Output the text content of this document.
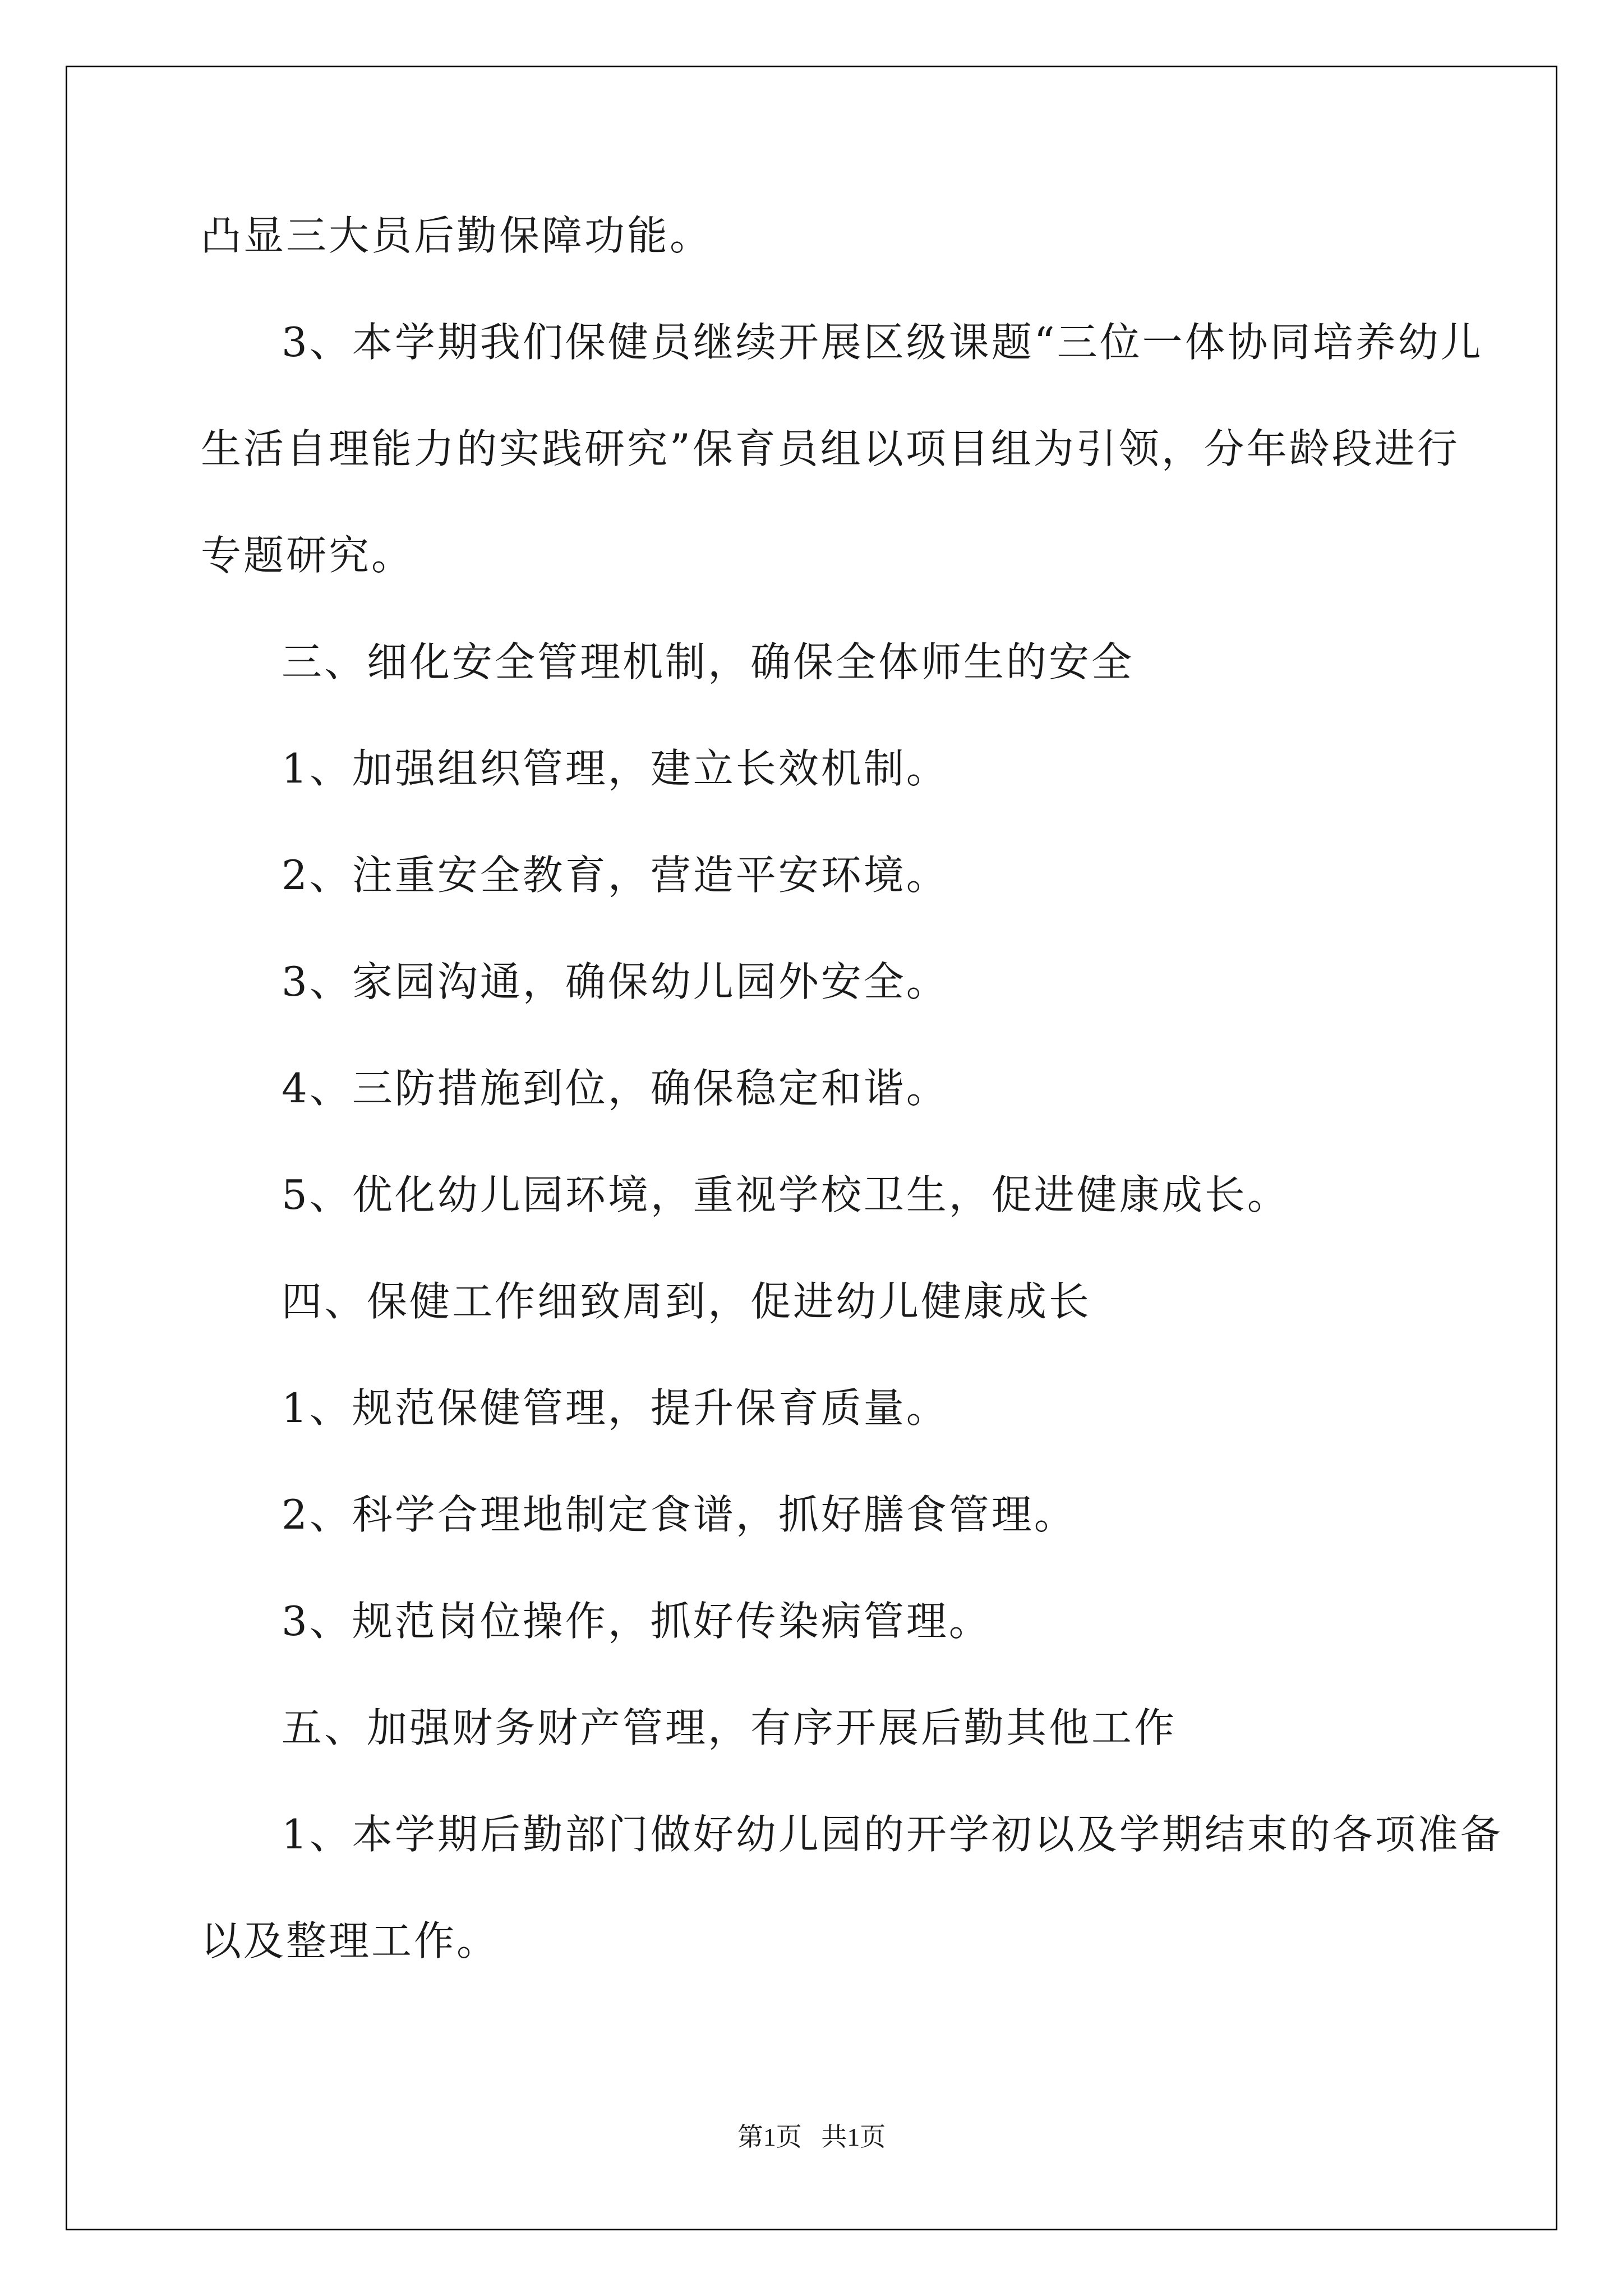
凸显三大员后勤保障功能。
3、本学期我们保健员继续开展区级课题“三位一体协同培养幼儿
生活自理能力的实践研究”保育员组以项目组为引领，分年龄段进行
专题研究。
三、细化安全管理机制，确保全体师生的安全
1、加强组织管理，建立长效机制。
2、注重安全教育，营造平安环境。
3、家园沟通，确保幼儿园外安全。
4、三防措施到位，确保稳定和谐。
5、优化幼儿园环境，重视学校卫生，促进健康成长。
四、保健工作细致周到，促进幼儿健康成长
1、规范保健管理，提升保育质量。
2、科学合理地制定食谱，抓好膳食管理。
3、规范岗位操作，抓好传染病管理。
五、加强财务财产管理，有序开展后勤其他工作
1、本学期后勤部门做好幼儿园的开学初以及学期结束的各项准备
以及整理工作。
第1页   共1页
